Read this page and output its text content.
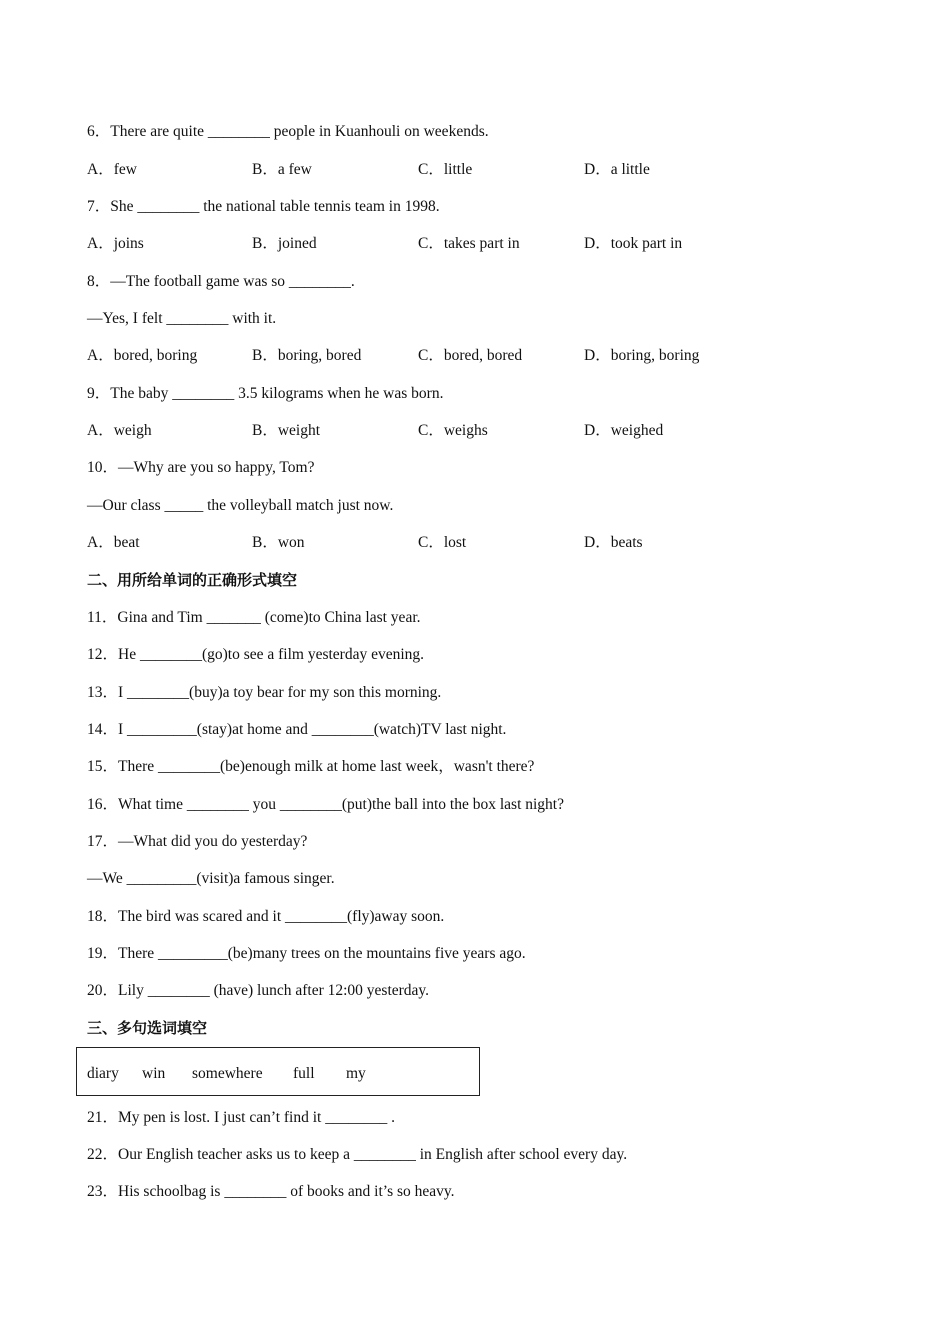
6．There are quite ________ people in Kuanhouli on weekends.
A．few	B．a few	C．little	D．a little
7．She ________ the national table tennis team in 1998.
A．joins	B．joined	C．takes part in	D．took part in
8．—The football game was so ________.
—Yes, I felt ________ with it.
A．bored, boring	B．boring, bored	C．bored, bored	D．boring, boring
9．The baby ________ 3.5 kilograms when he was born.
A．weigh	B．weight	C．weighs	D．weighed
10．—Why are you so happy, Tom?
—Our class _____ the volleyball match just now.
A．beat	B．won	C．lost	D．beats
二、用所给单词的正确形式填空
11．Gina and Tim _______ (come)to China last year.
12．He ________(go)to see a film yesterday evening.
13．I ________(buy)a toy bear for my son this morning.
14．I _________(stay)at home and ________(watch)TV last night.
15．There ________(be)enough milk at home last week，wasn't there?
16．What time ________ you ________(put)the ball into the box last night?
17．—What did you do yesterday?
—We _________(visit)a famous singer.
18．The bird was scared and it ________(fly)away soon.
19．There _________(be)many trees on the mountains five years ago.
20．Lily ________ (have) lunch after 12:00 yesterday.
三、多句选词填空
diary win somewhere full my
21．My pen is lost. I just can’t find it ________ .
22．Our English teacher asks us to keep a ________ in English after school every day.
23．His schoolbag is ________ of books and it’s so heavy.
